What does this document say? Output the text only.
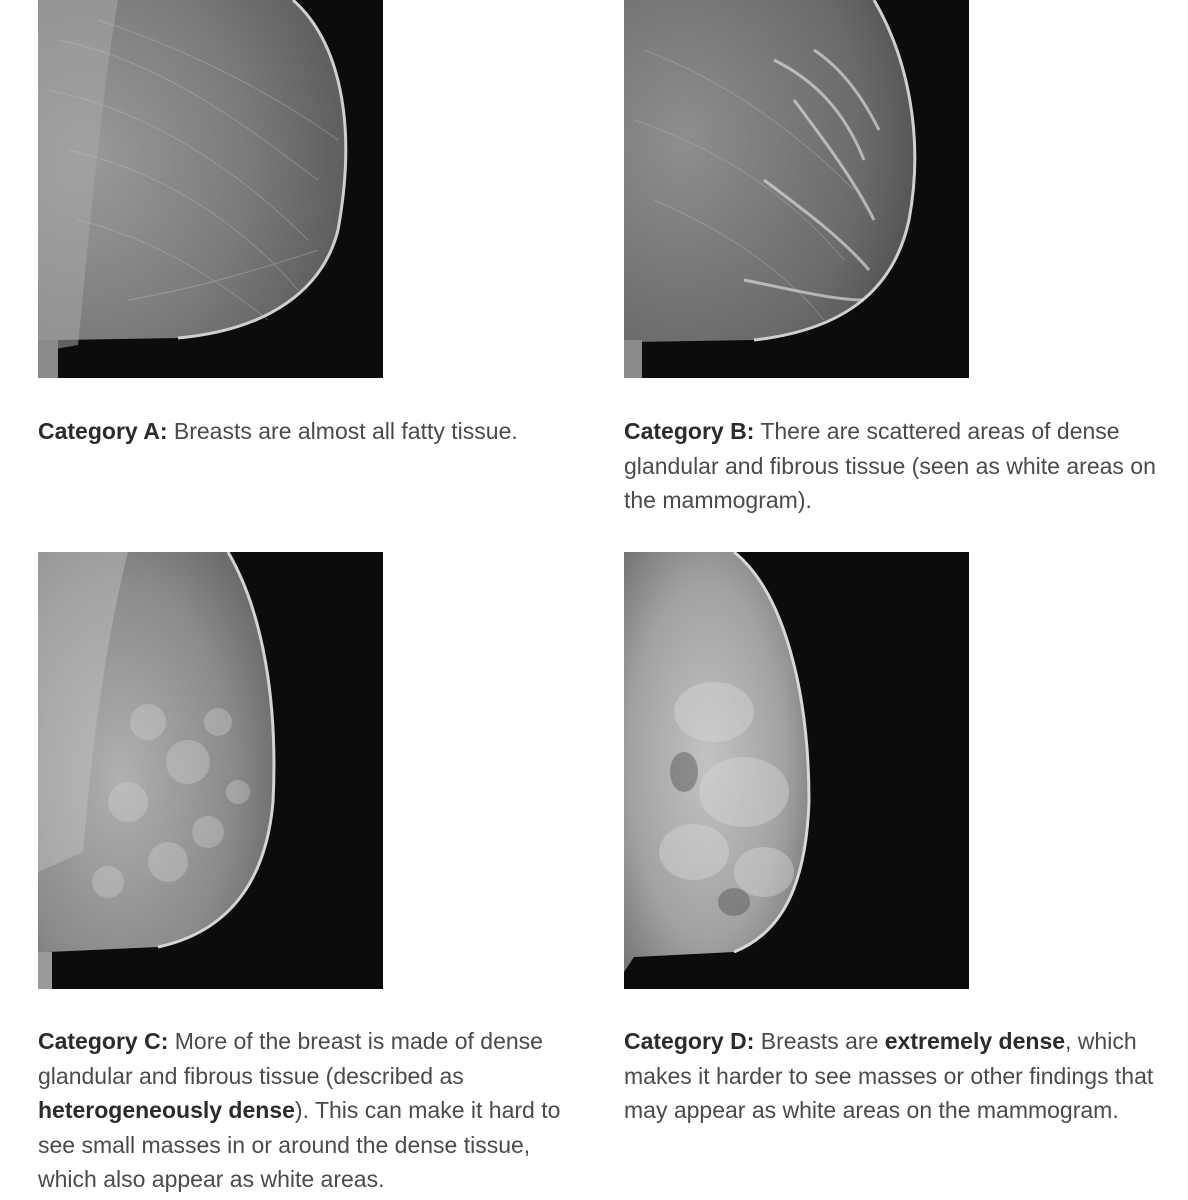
Category A: Breasts are almost all fatty tissue.	Category B: There are scattered areas of dense glandular and fibrous tissue (seen as white areas on the mammogram).
Category C: More of the breast is made of dense glandular and fibrous tissue (described as heterogeneously dense). This can make it hard to see small masses in or around the dense tissue, which also appear as white areas.
Category D: Breasts are extremely dense, which makes it harder to see masses or other findings that may appear as white areas on the mammogram.
